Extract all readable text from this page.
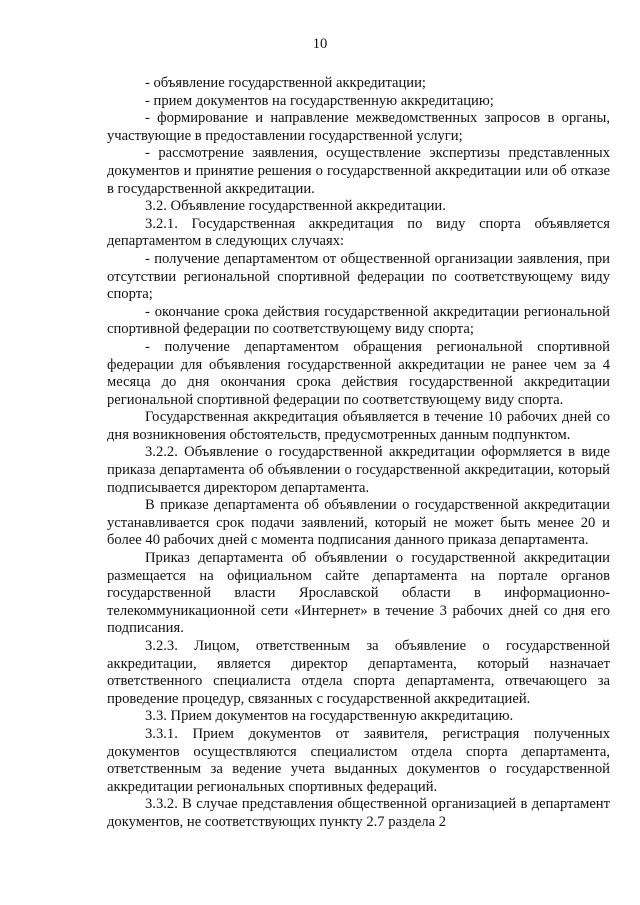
10

- объявление государственной аккредитации;

- прием документов на государственную аккредитацию;

- формирование и направление межведомственных запросов в органы, участвующие в предоставлении государственной услуги;

- рассмотрение заявления, осуществление экспертизы представленных документов и принятие решения о государственной аккредитации или об отказе в государственной аккредитации.

3.2. Объявление государственной аккредитации.

3.2.1. Государственная аккредитация по виду спорта объявляется департаментом в следующих случаях:

- получение департаментом от общественной организации заявления, при отсутствии региональной спортивной федерации по соответствующему виду спорта;

- окончание срока действия государственной аккредитации региональной спортивной федерации по соответствующему виду спорта;

- получение департаментом обращения региональной спортивной федерации для объявления государственной аккредитации не ранее чем за 4 месяца до дня окончания срока действия государственной аккредитации региональной спортивной федерации по соответствующему виду спорта.

Государственная аккредитация объявляется в течение 10 рабочих дней со дня возникновения обстоятельств, предусмотренных данным подпунктом.

3.2.2. Объявление о государственной аккредитации оформляется в виде приказа департамента об объявлении о государственной аккредитации, который подписывается директором департамента.

В приказе департамента об объявлении о государственной аккредитации устанавливается срок подачи заявлений, который не может быть менее 20 и более 40 рабочих дней с момента подписания данного приказа департамента.

Приказ департамента об объявлении о государственной аккредитации размещается на официальном сайте департамента на портале органов государственной власти Ярославской области в информационно-телекоммуникационной сети «Интернет» в течение 3 рабочих дней со дня его подписания.

3.2.3. Лицом, ответственным за объявление о государственной аккредитации, является директор департамента, который назначает ответственного специалиста отдела спорта департамента, отвечающего за проведение процедур, связанных с государственной аккредитацией.

3.3. Прием документов на государственную аккредитацию.

3.3.1. Прием документов от заявителя, регистрация полученных документов осуществляются специалистом отдела спорта департамента, ответственным за ведение учета выданных документов о государственной аккредитации региональных спортивных федераций.

3.3.2. В случае представления общественной организацией в департамент документов, не соответствующих пункту 2.7 раздела 2
